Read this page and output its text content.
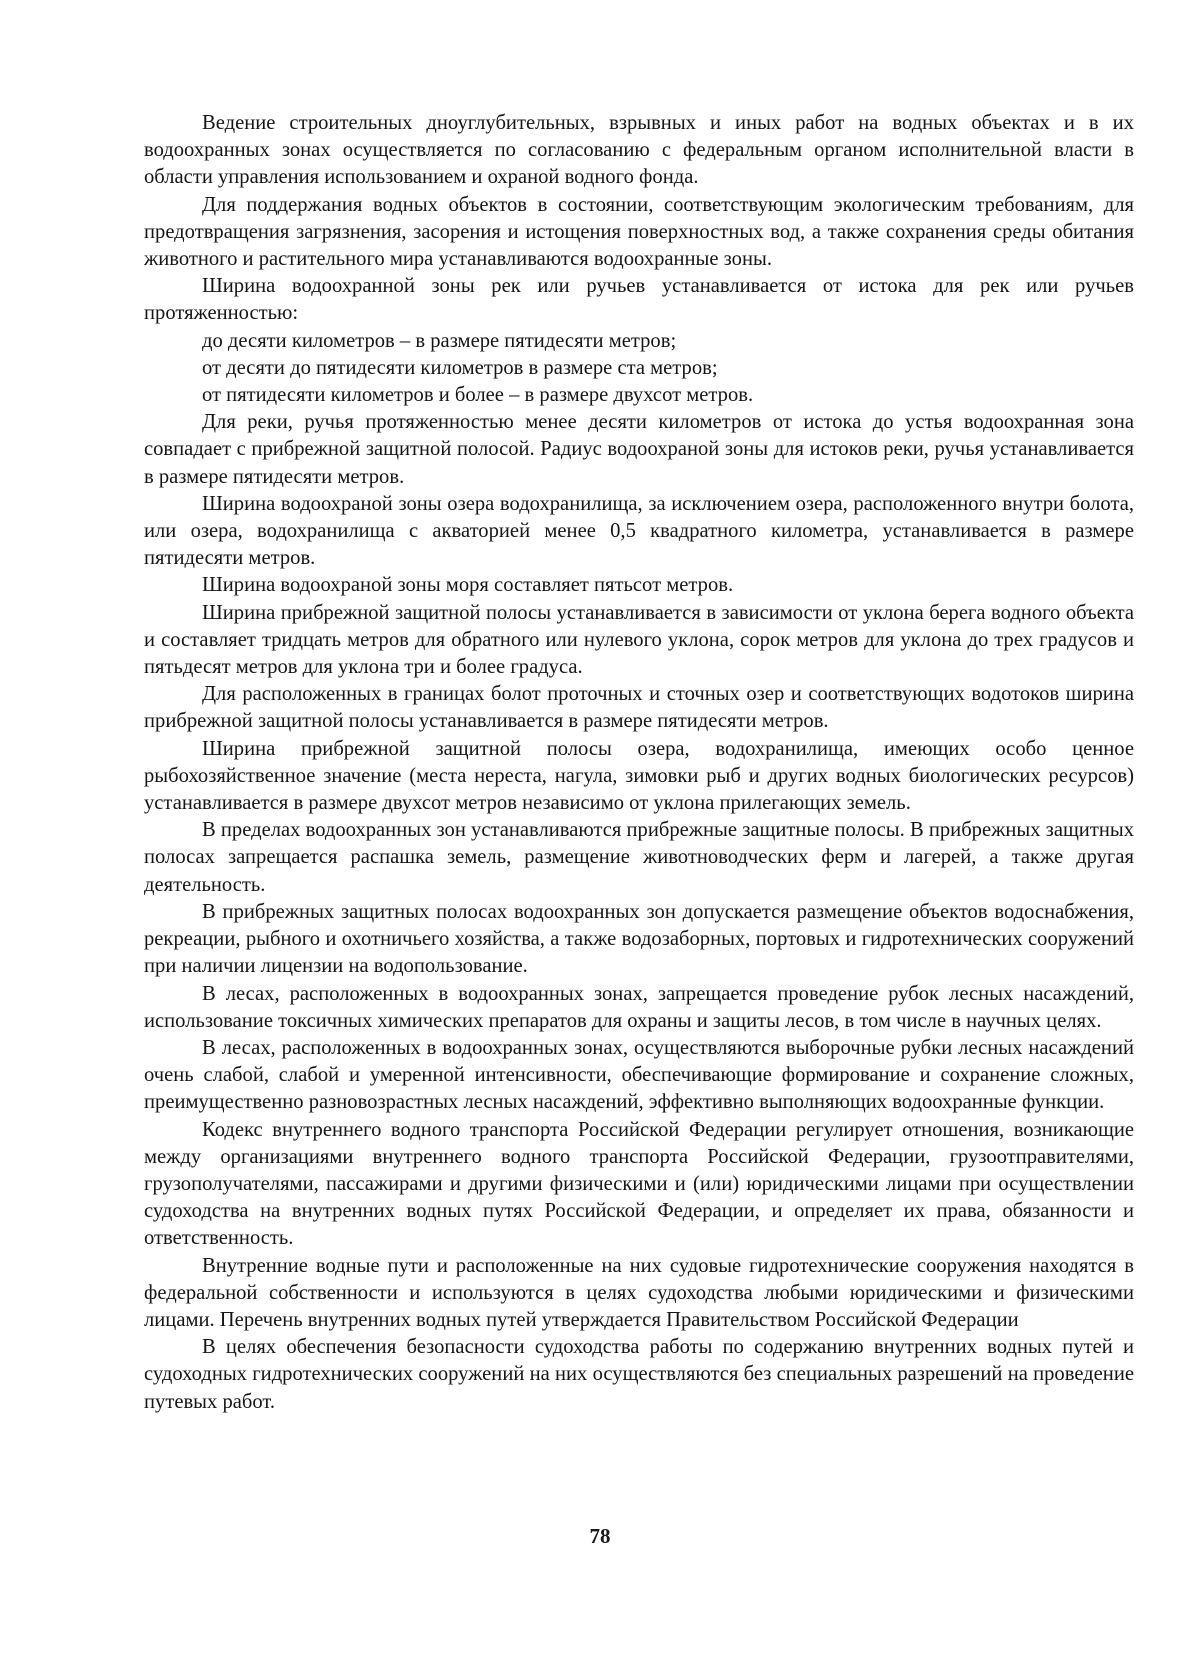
Ведение строительных дноуглубительных, взрывных и иных работ на водных объектах и в их водоохранных зонах осуществляется по согласованию с федеральным органом исполнительной власти в области управления использованием и охраной водного фонда.

Для поддержания водных объектов в состоянии, соответствующим экологическим требованиям, для предотвращения загрязнения, засорения и истощения поверхностных вод, а также сохранения среды обитания животного и растительного мира устанавливаются водоохранные зоны.

Ширина водоохранной зоны рек или ручьев устанавливается от истока для рек или ручьев протяженностью:

до десяти километров – в размере пятидесяти метров;

от десяти до пятидесяти километров в размере ста метров;

от пятидесяти километров и более – в размере двухсот метров.

Для реки, ручья протяженностью менее десяти километров от истока до устья водоохранная зона совпадает с прибрежной защитной полосой. Радиус водоохраной зоны для истоков реки, ручья устанавливается в размере пятидесяти метров.

Ширина водоохраной зоны озера водохранилища, за исключением озера, расположенного внутри болота, или озера, водохранилища с акваторией менее 0,5 квадратного километра, устанавливается в размере пятидесяти метров.

Ширина водоохраной зоны моря составляет пятьсот метров.

Ширина прибрежной защитной полосы устанавливается в зависимости от уклона берега водного объекта и составляет тридцать метров для обратного или нулевого уклона, сорок метров для уклона до трех градусов и пятьдесят метров для уклона три и более градуса.

Для расположенных в границах болот проточных и сточных озер и соответствующих водотоков ширина прибрежной защитной полосы устанавливается в размере пятидесяти метров.

Ширина прибрежной защитной полосы озера, водохранилища, имеющих особо ценное рыбохозяйственное значение (места нереста, нагула, зимовки рыб и других водных биологических ресурсов) устанавливается в размере двухсот метров независимо от уклона прилегающих земель.

В пределах водоохранных зон устанавливаются прибрежные защитные полосы. В прибрежных защитных полосах запрещается распашка земель, размещение животноводческих ферм и лагерей, а также другая деятельность.

В прибрежных защитных полосах водоохранных зон допускается размещение объектов водоснабжения, рекреации, рыбного и охотничьего хозяйства, а также водозаборных, портовых и гидротехнических сооружений при наличии лицензии на водопользование.

В лесах, расположенных в водоохранных зонах, запрещается проведение рубок лесных насаждений, использование токсичных химических препаратов для охраны и защиты лесов, в том числе в научных целях.

В лесах, расположенных в водоохранных зонах, осуществляются выборочные рубки лесных насаждений очень слабой, слабой и умеренной интенсивности, обеспечивающие формирование и сохранение сложных, преимущественно разновозрастных лесных насаждений, эффективно выполняющих водоохранные функции.

Кодекс внутреннего водного транспорта Российской Федерации регулирует отношения, возникающие между организациями внутреннего водного транспорта Российской Федерации, грузоотправителями, грузополучателями, пассажирами и другими физическими и (или) юридическими лицами при осуществлении судоходства на внутренних водных путях Российской Федерации, и определяет их права, обязанности и ответственность.

Внутренние водные пути и расположенные на них судовые гидротехнические сооружения находятся в федеральной собственности и используются в целях судоходства любыми юридическими и физическими лицами. Перечень внутренних водных путей утверждается Правительством Российской Федерации

В целях обеспечения безопасности судоходства работы по содержанию внутренних водных путей и судоходных гидротехнических сооружений на них осуществляются без специальных разрешений на проведение путевых работ.

78
